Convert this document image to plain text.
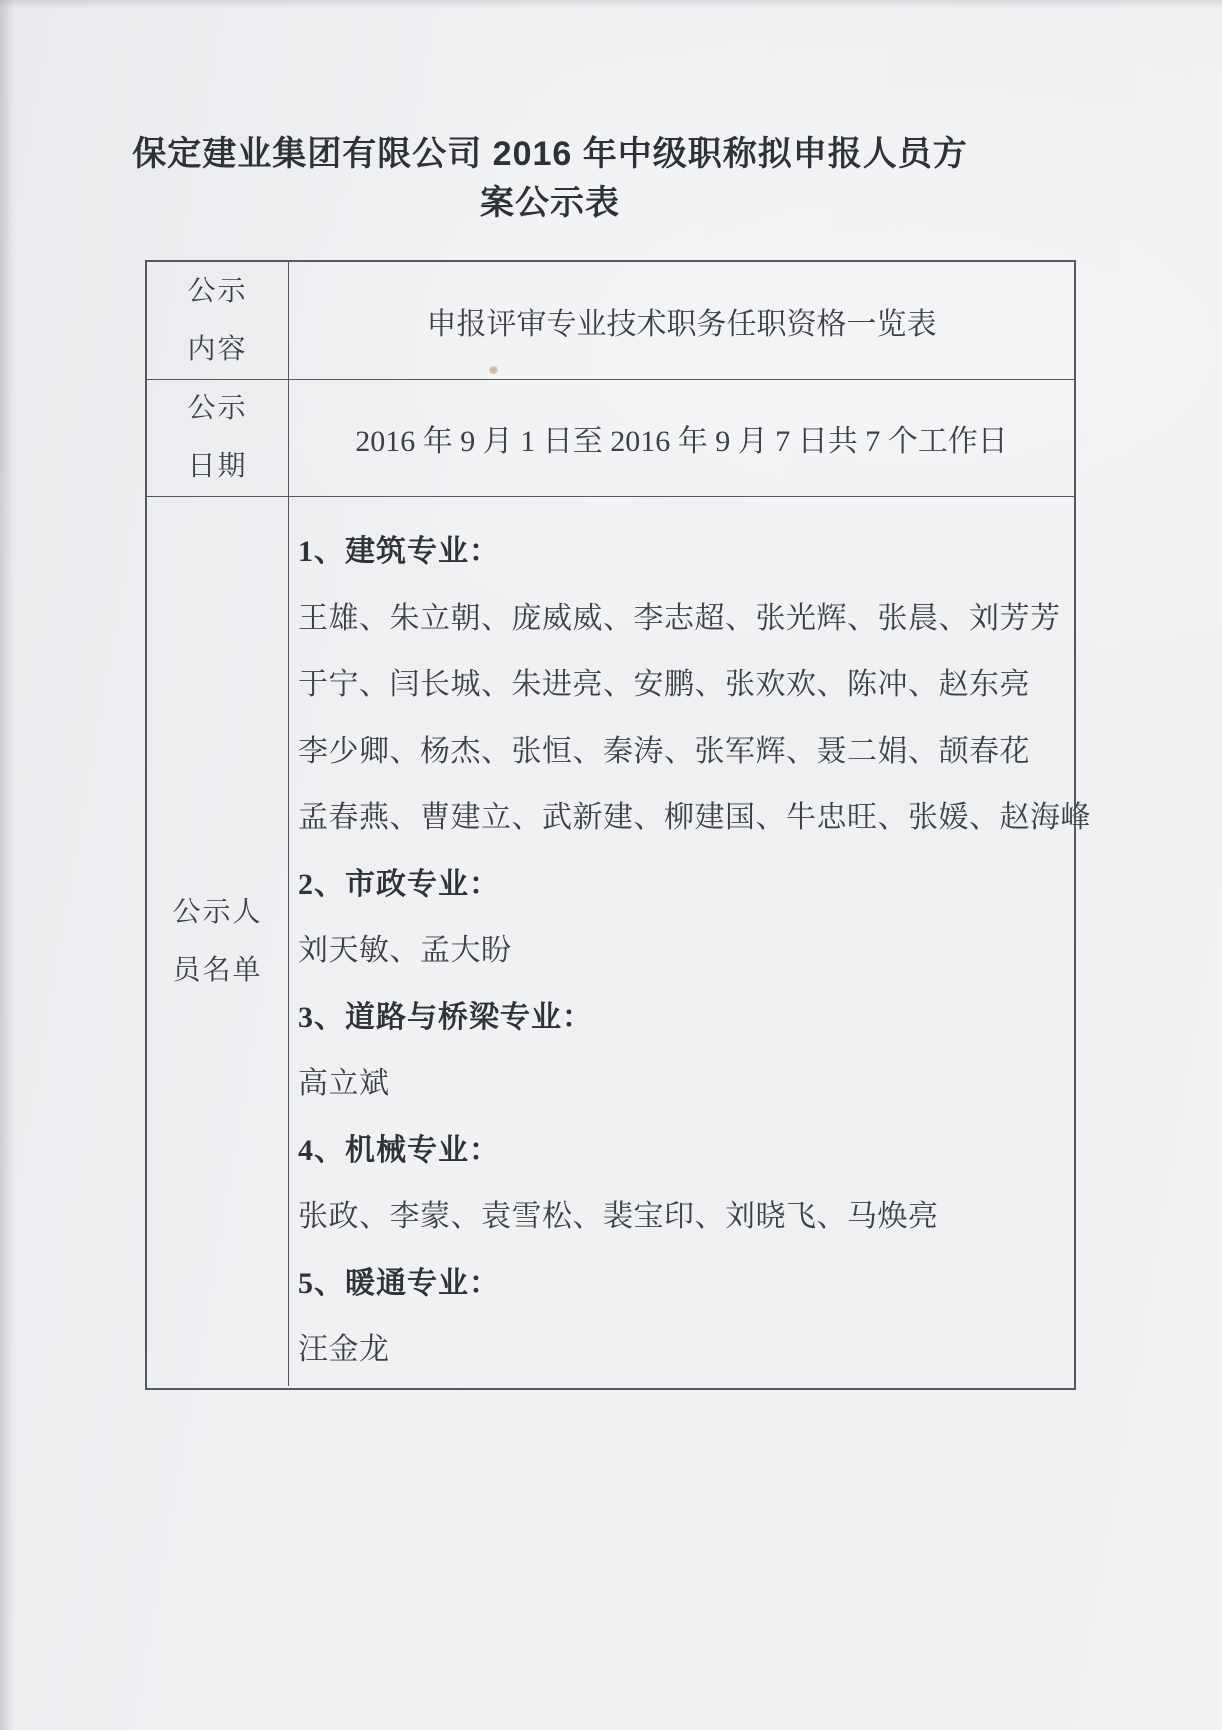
保定建业集团有限公司 2016 年中级职称拟申报人员方案公示表
公示
内容
申报评审专业技术职务任职资格一览表
公示
日期
2016 年 9 月 1 日至 2016 年 9 月 7 日共 7 个工作日
公示人
员名单
1、建筑专业：
王雄、朱立朝、庞威威、李志超、张光辉、张晨、刘芳芳
于宁、闫长城、朱进亮、安鹏、张欢欢、陈冲、赵东亮
李少卿、杨杰、张恒、秦涛、张军辉、聂二娟、颉春花
孟春燕、曹建立、武新建、柳建国、牛忠旺、张媛、赵海峰
2、市政专业：
刘天敏、孟大盼
3、道路与桥梁专业：
高立斌
4、机械专业：
张政、李蒙、袁雪松、裴宝印、刘晓飞、马焕亮
5、暖通专业：
汪金龙
